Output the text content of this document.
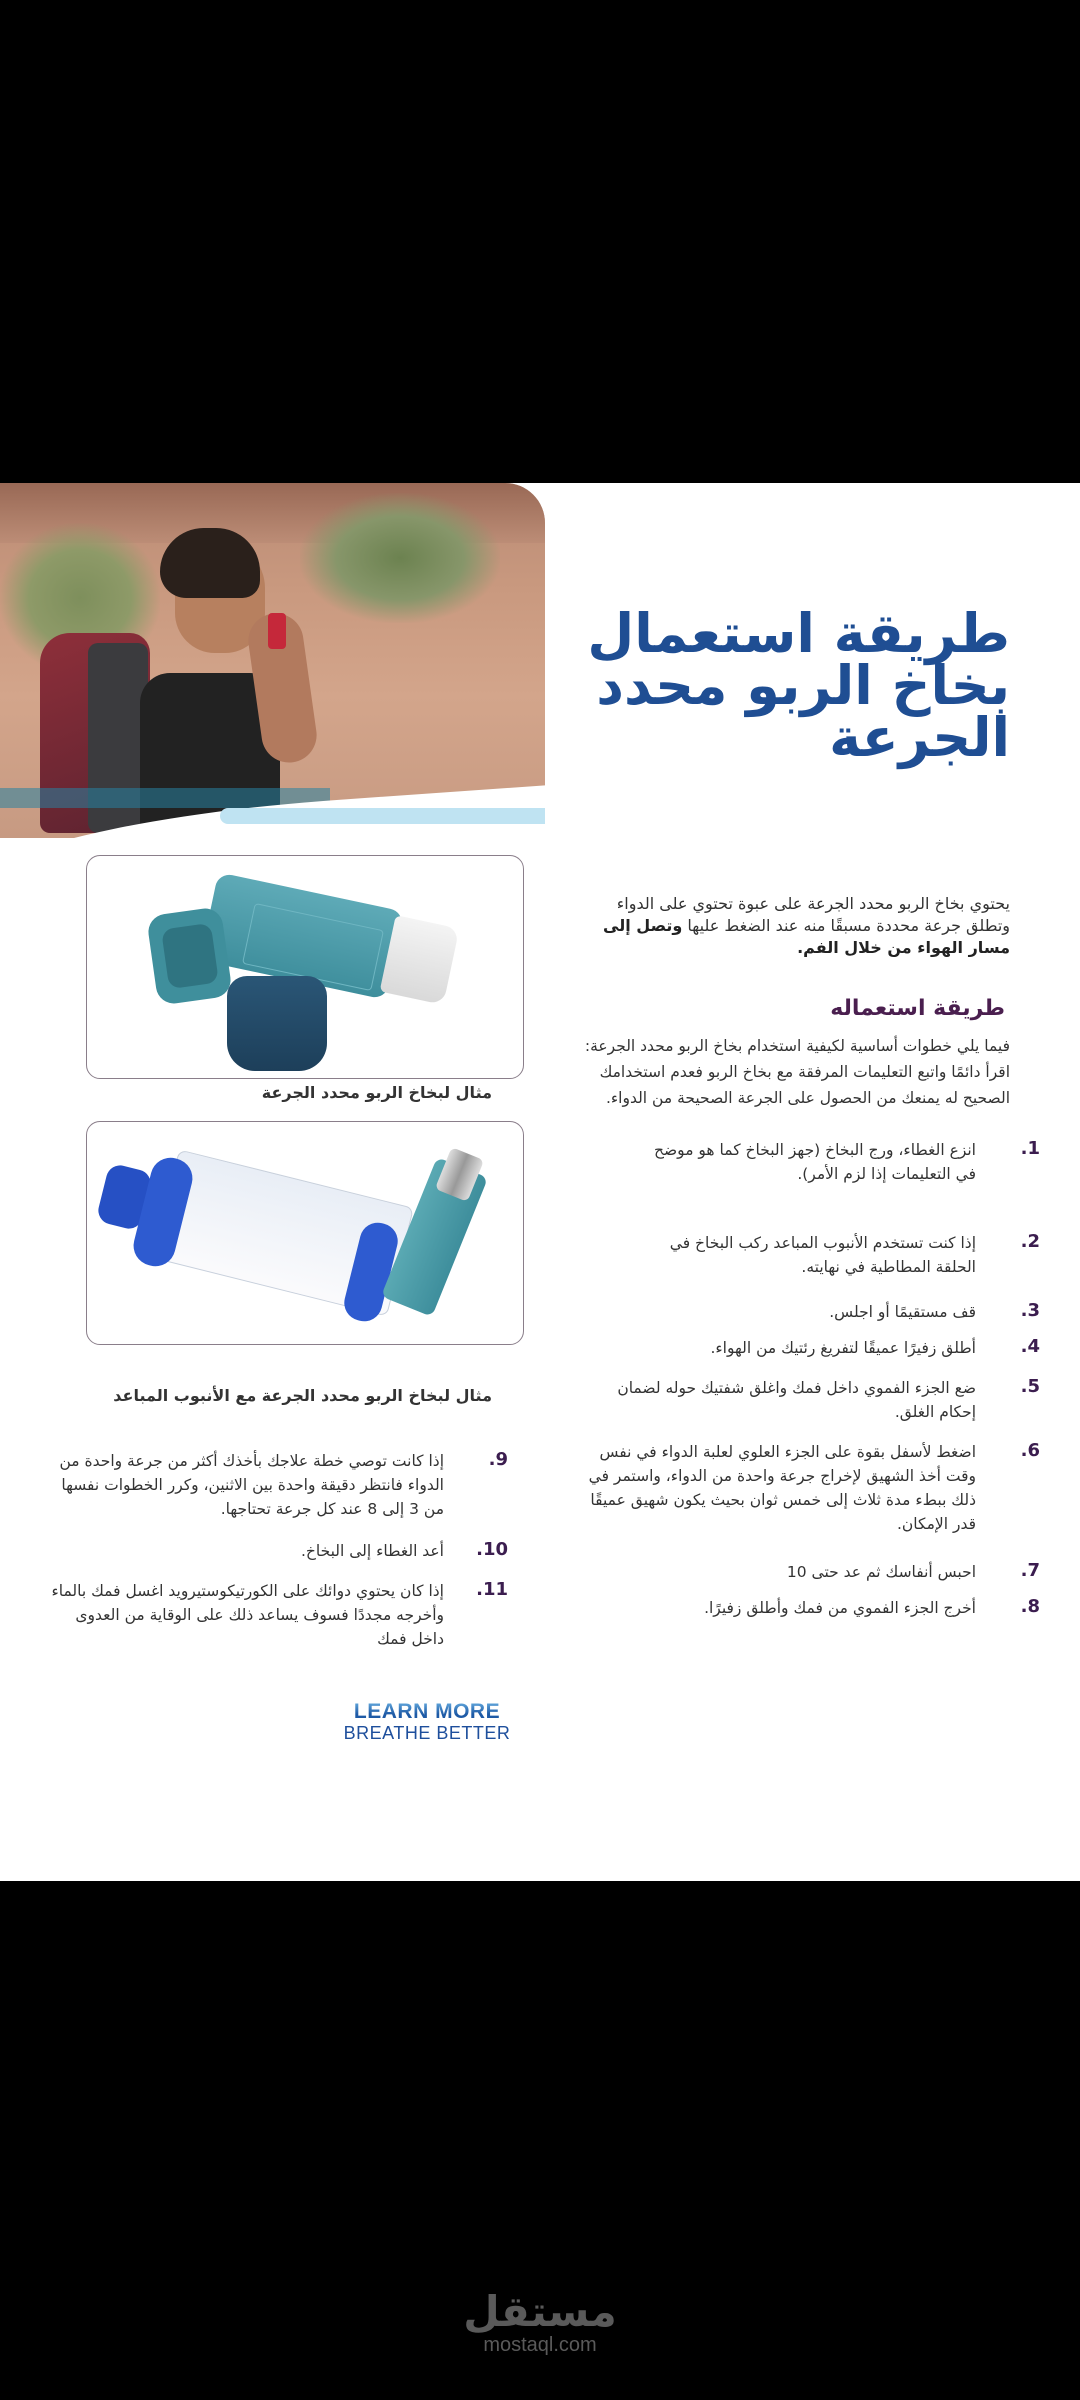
طريقة استعمال
بخاخ الربو محدد
الجرعة
يحتوي بخاخ الربو محدد الجرعة على عبوة تحتوي على الدواء وتطلق جرعة محددة مسبقًا منه عند الضغط عليها وتصل إلى مسار الهواء من خلال الفم.
طريقة استعماله
فيما يلي خطوات أساسية لكيفية استخدام بخاخ الربو محدد الجرعة:
اقرأ دائمًا واتبع التعليمات المرفقة مع بخاخ الربو فعدم استخدامك الصحيح له يمنعك من الحصول على الجرعة الصحيحة من الدواء.
1.
انزع الغطاء، ورج البخاخ (جهز البخاخ كما هو موضح في التعليمات إذا لزم الأمر).
2.
إذا كنت تستخدم الأنبوب المباعد ركب البخاخ في الحلقة المطاطية في نهايته.
3.
قف مستقيمًا أو اجلس.
4.
أطلق زفيرًا عميقًا لتفريغ رئتيك من الهواء.
5.
ضع الجزء الفموي داخل فمك واغلق شفتيك حوله لضمان إحكام الغلق.
6.
اضغط لأسفل بقوة على الجزء العلوي لعلبة الدواء في نفس وقت أخذ الشهيق لإخراج جرعة واحدة من الدواء، واستمر في ذلك ببطء مدة ثلاث إلى خمس ثوان بحيث يكون شهيق عميقًا قدر الإمكان.
7.
احبس أنفاسك ثم عد حتى 10
8.
أخرج الجزء الفموي من فمك وأطلق زفيرًا.
مثال لبخاخ الربو محدد الجرعة
مثال لبخاخ الربو محدد الجرعة مع الأنبوب المباعد
9.
إذا كانت توصي خطة علاجك بأخذك أكثر من جرعة واحدة من الدواء فانتظر دقيقة واحدة بين الاثنين، وكرر الخطوات نفسها من 3 إلى 8 عند كل جرعة تحتاجها.
10.
أعد الغطاء إلى البخاخ.
11.
إذا كان يحتوي دوائك على الكورتيكوستيرويد اغسل فمك بالماء وأخرجه مجددًا فسوف يساعد ذلك على الوقاية من العدوى داخل فمك
LEARN MORE
BREATHE BETTER
مستقل
mostaql.com
